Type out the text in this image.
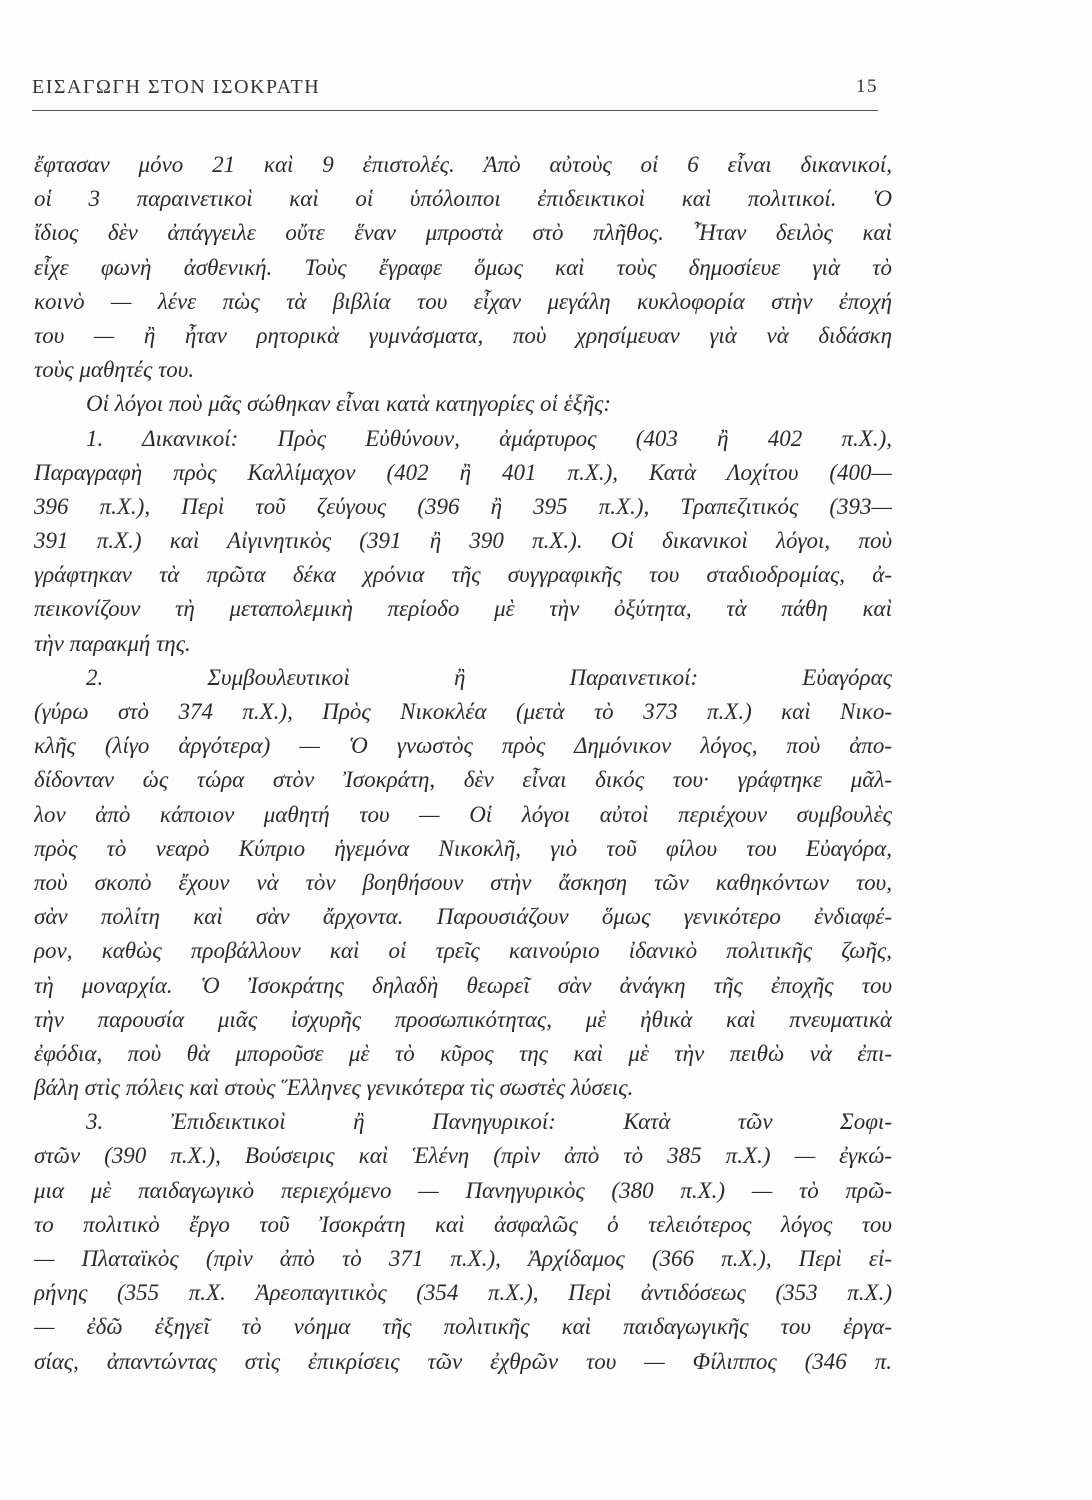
ΕΙΣΑΓΩΓΗ ΣΤΟΝ ΙΣΟΚΡΑΤΗ	15
ἔφτασαν μόνο 21 καὶ 9 ἐπιστολές. Ἀπὸ αὐτοὺς οἱ 6 εἶναι δικανικοί,
οἱ 3 παραινετικοὶ καὶ οἱ ὑπόλοιποι ἐπιδεικτικοὶ καὶ πολιτικοί. Ὁ
ἴδιος δὲν ἀπάγγειλε οὔτε ἕναν μπροστὰ στὸ πλῆθος. Ἦταν δειλὸς καὶ
εἶχε φωνὴ ἀσθενική. Τοὺς ἔγραφε ὅμως καὶ τοὺς δημοσίευε γιὰ τὸ
κοινὸ — λένε πὼς τὰ βιβλία του εἶχαν μεγάλη κυκλοφορία στὴν ἐποχή
του — ἢ ἦταν ρητορικὰ γυμνάσματα, ποὺ χρησίμευαν γιὰ νὰ διδάσκη
τοὺς μαθητές του.
Οἱ λόγοι ποὺ μᾶς σώθηκαν εἶναι κατὰ κατηγορίες οἱ ἑξῆς:
1. Δικανικοί: Πρὸς Εὐθύνουν, ἀμάρτυρος (403 ἢ 402 π.Χ.),
Παραγραφὴ πρὸς Καλλίμαχον (402 ἢ 401 π.Χ.), Κατὰ Λοχίτου (400—
396 π.Χ.), Περὶ τοῦ ζεύγους (396 ἢ 395 π.Χ.), Τραπεζιτικός (393—
391 π.Χ.) καὶ Αἰγινητικὸς (391 ἢ 390 π.Χ.). Οἱ δικανικοὶ λόγοι, ποὺ
γράφτηκαν τὰ πρῶτα δέκα χρόνια τῆς συγγραφικῆς του σταδιοδρομίας, ἀ-
πεικονίζουν τὴ μεταπολεμικὴ περίοδο μὲ τὴν ὀξύτητα, τὰ πάθη καὶ
τὴν παρακμή της.
2. Συμβουλευτικοὶ ἢ Παραινετικοί: Εὐαγόρας
(γύρω στὸ 374 π.Χ.), Πρὸς Νικοκλέα (μετὰ τὸ 373 π.Χ.) καὶ Νικο-
κλῆς (λίγο ἀργότερα) — Ὁ γνωστὸς πρὸς Δημόνικον λόγος, ποὺ ἀπο-
δίδονταν ὡς τώρα στὸν Ἰσοκράτη, δὲν εἶναι δικός του· γράφτηκε μᾶλ-
λον ἀπὸ κάποιον μαθητή του — Οἱ λόγοι αὐτοὶ περιέχουν συμβουλὲς
πρὸς τὸ νεαρὸ Κύπριο ἡγεμόνα Νικοκλῆ, γιὸ τοῦ φίλου του Εὐαγόρα,
ποὺ σκοπὸ ἔχουν νὰ τὸν βοηθήσουν στὴν ἄσκηση τῶν καθηκόντων του,
σὰν πολίτη καὶ σὰν ἄρχοντα. Παρουσιάζουν ὅμως γενικότερο ἐνδιαφέ-
ρον, καθὼς προβάλλουν καὶ οἱ τρεῖς καινούριο ἰδανικὸ πολιτικῆς ζωῆς,
τὴ μοναρχία. Ὁ Ἰσοκράτης δηλαδὴ θεωρεῖ σὰν ἀνάγκη τῆς ἐποχῆς του
τὴν παρουσία μιᾶς ἰσχυρῆς προσωπικότητας, μὲ ἠθικὰ καὶ πνευματικὰ
ἐφόδια, ποὺ θὰ μποροῦσε μὲ τὸ κῦρος της καὶ μὲ τὴν πειθὼ νὰ ἐπι-
βάλη στὶς πόλεις καὶ στοὺς Ἕλληνες γενικότερα τὶς σωστὲς λύσεις.
3. Ἐπιδεικτικοὶ ἢ Πανηγυρικοί: Κατὰ τῶν Σοφι-
στῶν (390 π.Χ.), Βούσειρις καὶ Ἑλένη (πρὶν ἀπὸ τὸ 385 π.Χ.) — ἐγκώ-
μια μὲ παιδαγωγικὸ περιεχόμενο — Πανηγυρικὸς (380 π.Χ.) — τὸ πρῶ-
το πολιτικὸ ἔργο τοῦ Ἰσοκράτη καὶ ἀσφαλῶς ὁ τελειότερος λόγος του
— Πλαταϊκὸς (πρὶν ἀπὸ τὸ 371 π.Χ.), Ἀρχίδαμος (366 π.Χ.), Περὶ εἰ-
ρήνης (355 π.Χ. Ἀρεοπαγιτικὸς (354 π.Χ.), Περὶ ἀντιδόσεως (353 π.Χ.)
— ἐδῶ ἐξηγεῖ τὸ νόημα τῆς πολιτικῆς καὶ παιδαγωγικῆς του ἐργα-
σίας, ἀπαντώντας στὶς ἐπικρίσεις τῶν ἐχθρῶν του — Φίλιππος (346 π.
